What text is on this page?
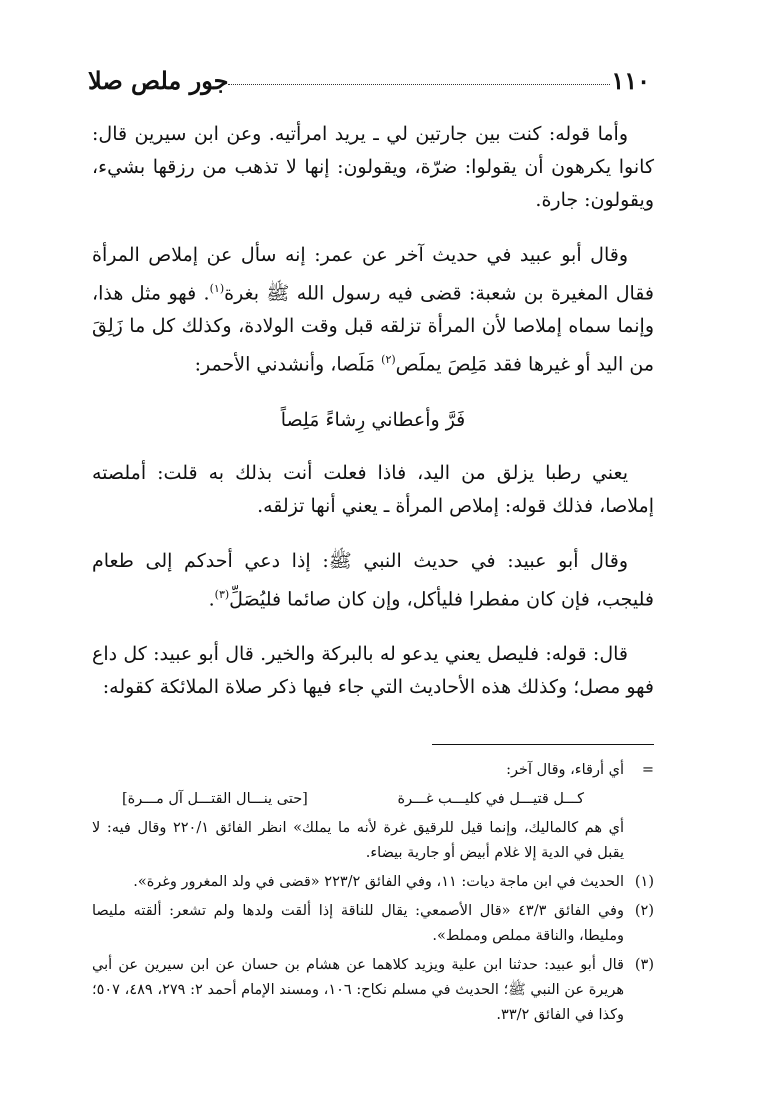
١١٠
جور ملص صلا

وأما قوله: كنت بين جارتين لي ـ يريد امرأتيه. وعن ابن سيرين قال: كانوا يكرهون أن يقولوا: ضرّة، ويقولون: إنها لا تذهب من رزقها بشيء، ويقولون: جارة.

وقال أبو عبيد في حديث آخر عن عمر: إنه سأل عن إملاص المرأة فقال المغيرة بن شعبة: قضى فيه رسول الله ﷺ بغرة$^{(١)}$. فهو مثل هذا، وإنما سماه إملاصا لأن المرأة تزلقه قبل وقت الولادة، وكذلك كل ما زَلِقَ من اليد أو غيرها فقد مَلِصَ يملَص$^{(٢)}$ مَلَصا، وأنشدني الأحمر:

فَرَّ وأعطاني رِشاءً مَلِصاً

يعني رطبا يزلق من اليد، فاذا فعلت أنت بذلك به قلت: أملصته إملاصا، فذلك قوله: إملاص المرأة ـ يعني أنها تزلقه.

وقال أبو عبيد: في حديث النبي ﷺ: إذا دعي أحدكم إلى طعام فليجب، فإن كان مفطرا فليأكل، وإن كان صائما فليُصَلِّ$^{(٣)}$.

قال: قوله: فليصل يعني يدعو له بالبركة والخير. قال أبو عبيد: كل داع فهو مصل؛ وكذلك هذه الأحاديث التي جاء فيها ذكر صلاة الملائكة كقوله:

=
أي أرقاء، وقال آخر:
كـــل قتيـــل في كليـــب غـــرة
[حتى ينـــال القتـــل آل مـــرة]
أي هم كالماليك، وإنما قيل للرقيق غرة لأنه ما يملك» انظر الفائق ٢٢٠/١ وقال فيه: لا يقبل في الدية إلا غلام أبيض أو جارية بيضاء.
(١)
الحديث في ابن ماجة ديات: ١١، وفي الفائق ٢٢٣/٢ «قضى في ولد المغرور وغرة».
(٢)
وفي الفائق ٤٣/٣ «قال الأصمعي: يقال للناقة إذا ألقت ولدها ولم تشعر: ألقته مليصا ومليطا، والناقة مملص ومملط».
(٣)
قال أبو عبيد: حدثنا ابن علية ويزيد كلاهما عن هشام بن حسان عن ابن سيرين عن أبي هريرة عن النبي ﷺ؛ الحديث في مسلم نكاح: ١٠٦، ومسند الإمام أحمد ٢: ٢٧٩، ٤٨٩، ٥٠٧؛ وكذا في الفائق ٣٣/٢.
